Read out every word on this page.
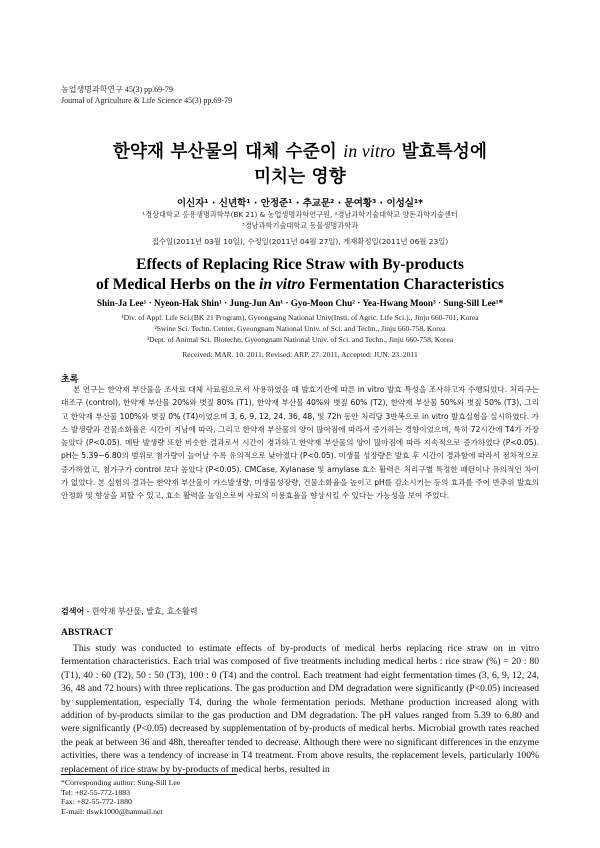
농업생명과학연구 45(3) pp.69-79
Journal of Agriculture & Life Science 45(3) pp.69-79
한약재 부산물의 대체 수준이 in vitro 발효특성에
미치는 영향
이신자¹ · 신년학¹ · 안정준¹ · 추교문² · 문여황³ · 이성실¹*
¹경상대학교 응용생명과학부(BK 21) & 농업생명과학연구원, ²경남과학기술대학교 양돈과학기술센터
³경남과학기술대학교 동물생명과학과
접수일(2011년 03월 10일), 수정일(2011년 04월 27일), 게재확정일(2011년 06월 23일)
Effects of Replacing Rice Straw with By-products
of Medical Herbs on the in vitro Fermentation Characteristics
Shin-Ja Lee¹ · Nyeon-Hak Shin¹ · Jung-Jun An¹ · Gyo-Moon Chu² · Yea-Hwang Moon³ · Sung-Sill Lee¹*
¹Div. of Appl. Life Sci.(BK 21 Program), Gyeongsang National Univ(Insti. of Agric. Life Sci.)., Jinju 660-701, Korea
²Swine Sci. Techn. Center, Gyeongnam National Univ. of Sci. and Techn., Jinju 660-758, Korea
³Dept. of Animal Sci. Biotechn, Gyeongnam National Univ. of Sci. and Techn., Jinju 660-758, Korea
Received: MAR. 10. 2011, Revised: ARP. 27. 2011, Accepted: JUN. 23. 2011
초록
본 연구는 한약재 부산물을 조사료 대체 사료원으로서 사용하였을 때 발효기간에 따른 in vitro 발효 특성을 조사하고자 수행되었다. 처리구는 대조구 (control), 한약재 부산물 20%와 볏짚 80% (T1), 한약재 부산물 40%와 볏짚 60% (T2), 한약재 부산물 50%와 볏짚 50% (T3), 그리고 한약재 부산물 100%와 볏짚 0% (T4)이었으며 3, 6, 9, 12, 24, 36, 48, 및 72h 동안 처리당 3반복으로 in vitro 발효실험을 실시하였다. 가스 발생량과 건물소화율은 시간이 지남에 따라, 그리고 한약재 부산물의 양이 많아짐에 따라서 증가하는 경향이었으며, 특히 72시간에 T4가 가장 높았다 (P<0.05). 메탄 발생량 또한 비슷한 결과로서 시간이 경과하고 한약재 부산물의 양이 많아짐에 따라 지속적으로 증가하였다 (P<0.05). pH는 5.39~6.80의 범위로 첨가량이 늘어날 수록 유의적으로 낮아졌다 (P<0.05). 미생물 성장량은 발효 후 시간이 경과함에 따라서 점차적으로 증가하였고, 첨가구가 control 보다 높았다 (P<0.05). CMCase, Xylanase 및 amylase 효소 활력은 처리구별 특정한 패턴이나 유의적인 차이가 없었다. 본 실험의 결과는 한약재 부산물이 가스발생량, 미생물성장량, 건물소화율을 높이고 pH를 감소시키는 등의 효과를 주어 반추위 발효의 안정화 및 향상을 꾀할 수 있고, 효소 활력을 높임으로써 사료의 이용효율을 향상시킬 수 있다는 가능성을 보여 주었다.
검색어 - 한약재 부산물, 발효, 효소활력
ABSTRACT
This study was conducted to estimate effects of by-products of medical herbs replacing rice straw on in vitro fermentation characteristics. Each trial was composed of five treatments including medical herbs : rice straw (%) = 20 : 80 (T1), 40 : 60 (T2), 50 : 50 (T3), 100 : 0 (T4) and the control. Each treatment had eight fermentation times (3, 6, 9, 12, 24, 36, 48 and 72 hours) with three replications. The gas production and DM degradation were significantly (P<0.05) increased by supplementation, especially T4, during the whole fermentation periods. Methane production increased along with addition of by-products similar to the gas production and DM degradation. The pH values ranged from 5.39 to 6.80 and were significantly (P<0.05) decreased by supplementation of by-products of medical herbs. Microbial growth rates reached the peak at between 36 and 48h, thereafter tended to decrease. Although there were no significant differences in the enzyme activities, there was a tendency of increase in T4 treatment. From above results, the replacement levels, particularly 100% replacement of rice straw by by-products of medical herbs, resulted in
*Corresponding author: Sung-Sill Lee
Tel: +82-55-772-1883
Fax: +82-55-772-1880
E-mail: tlswk1000@hanmail.net
